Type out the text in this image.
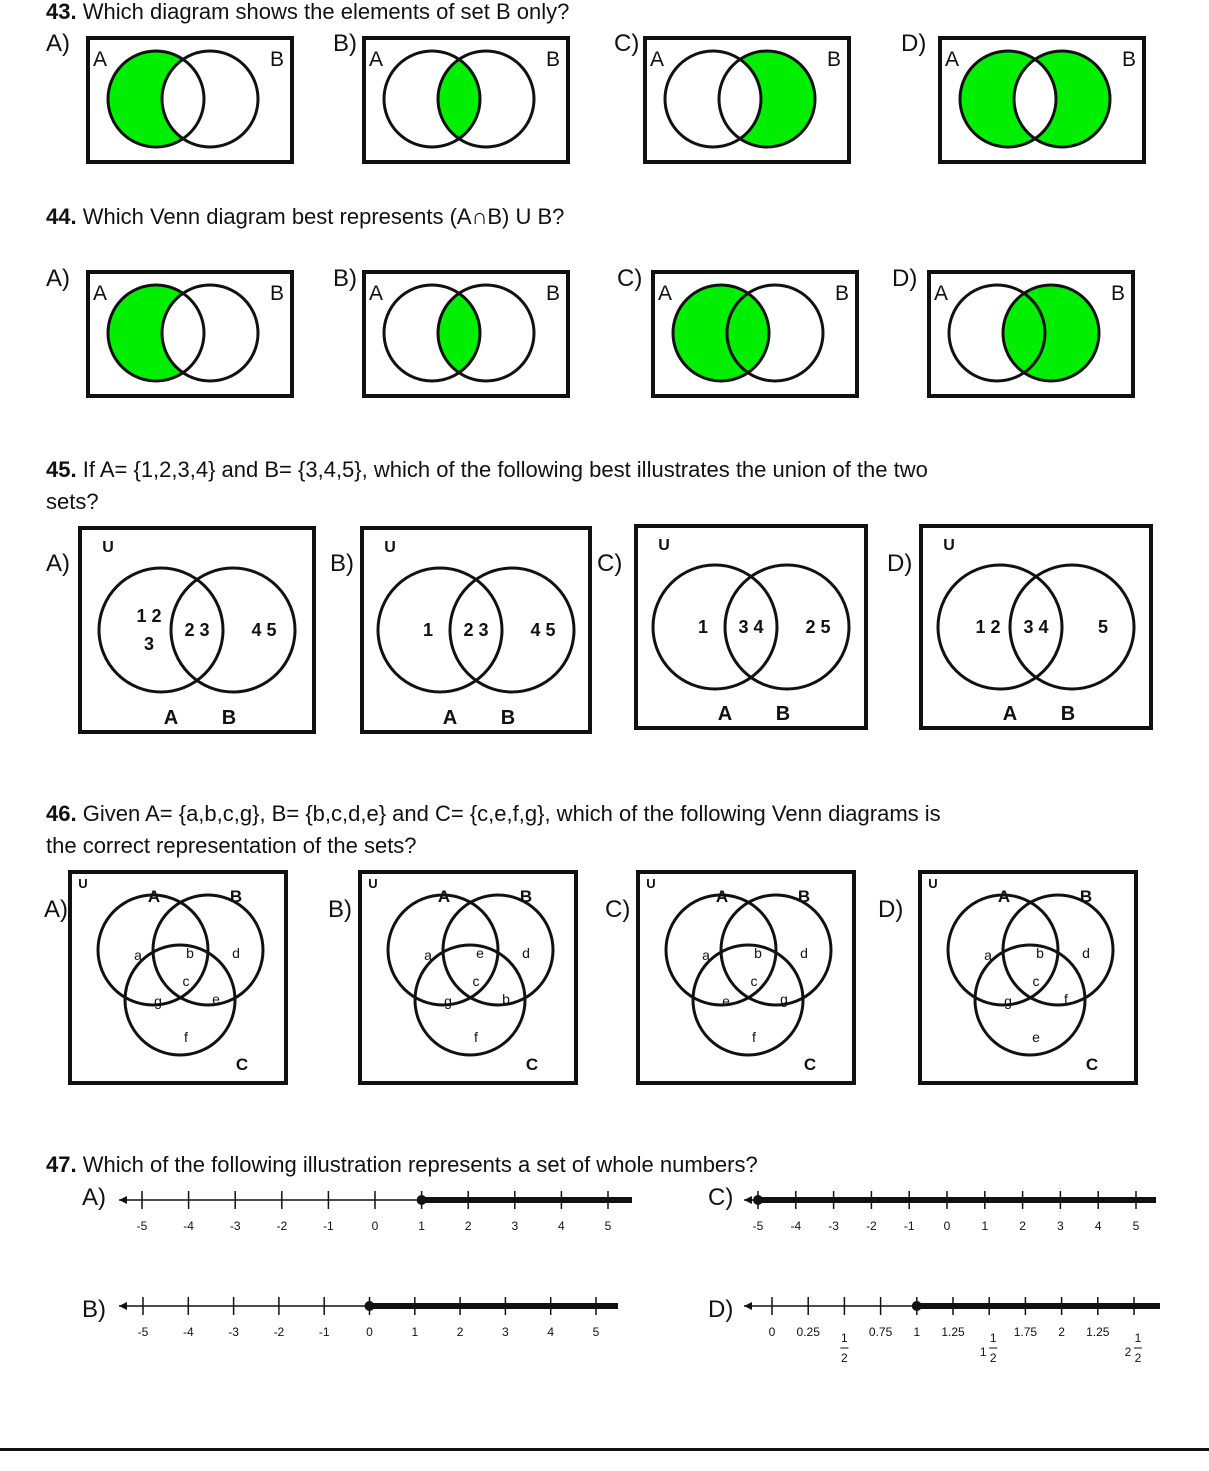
43. Which diagram shows the elements of set B only?
A)	B)	C)	D)
A	B	A	B	A	B	A	B
44. Which Venn diagram best represents (A∩B) U B?
A)	B)	C)	D)
A	B	A	B	A	B	A	B
45. If A= {1,2,3,4} and B= {3,4,5}, which of the following best illustrates the union of the two
sets?
A)	B)	C)	D)
U
1 2
3
2 3 4 5
A B
U
1 2 3 4 5
A B
U
1 3 4 2 5
A B
U
1 2 3 4	5
A B
46. Given A= {a,b,c,g}, B= {b,c,d,e} and C= {c,e,f,g}, which of the following Venn diagrams is
the correct representation of the sets?
A)	B)	C)	D)
U
A	B
C
a	b	d
c
g	e
f
U
A	B
C
a	e	d
c
g	b
f
U
A	B
C
a	b	d
c
e	g
f
U
A	B
C
a	b	d
c
g	f
e
47. Which of the following illustration represents a set of whole numbers?
A)
B)
C)
D)
-5	-4	-3	-2	-1	0	1	2	3	4	5
-5	-4	-3	-2	-1	0	1	2	3	4	5
-5 -4 -3 -2 -1 0	1	2	3	4	5
0 0.25 1
2
0.75 1 1.25
1
1
2
1.75 2 1.25
2
1
2
